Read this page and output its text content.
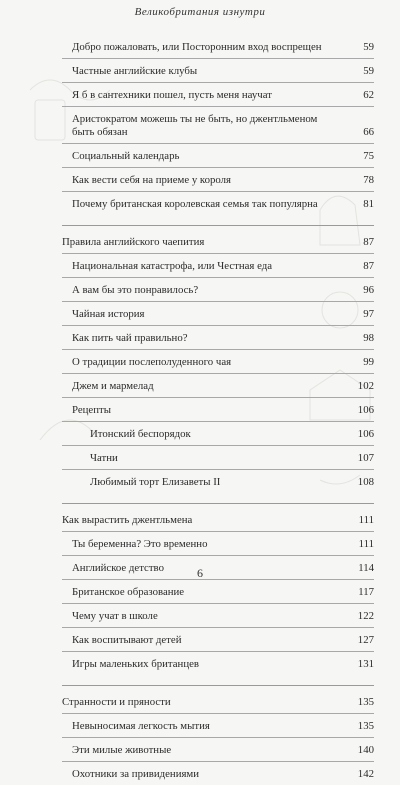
Великобритания изнутри
Добро пожаловать, или Посторонним вход воспрещен	59
Частные английские клубы	59
Я б в сантехники пошел, пусть меня научат	62
Аристократом можешь ты не быть, но джентльменом быть обязан	66
Социальный календарь	75
Как вести себя на приеме у короля	78
Почему британская королевская семья так популярна	81
Правила английского чаепития	87
Национальная катастрофа, или Честная еда	87
А вам бы это понравилось?	96
Чайная история	97
Как пить чай правильно?	98
О традиции послеполуденного чая	99
Джем и мармелад	102
Рецепты	106
Итонский беспорядок	106
Чатни	107
Любимый торт Елизаветы II	108
Как вырастить джентльмена	111
Ты беременна? Это временно	111
Английское детство	114
Британское образование	117
Чему учат в школе	122
Как воспитывают детей	127
Игры маленьких британцев	131
Странности и пряности	135
Невыносимая легкость мытия	135
Эти милые животные	140
Охотники за привидениями	142
6
